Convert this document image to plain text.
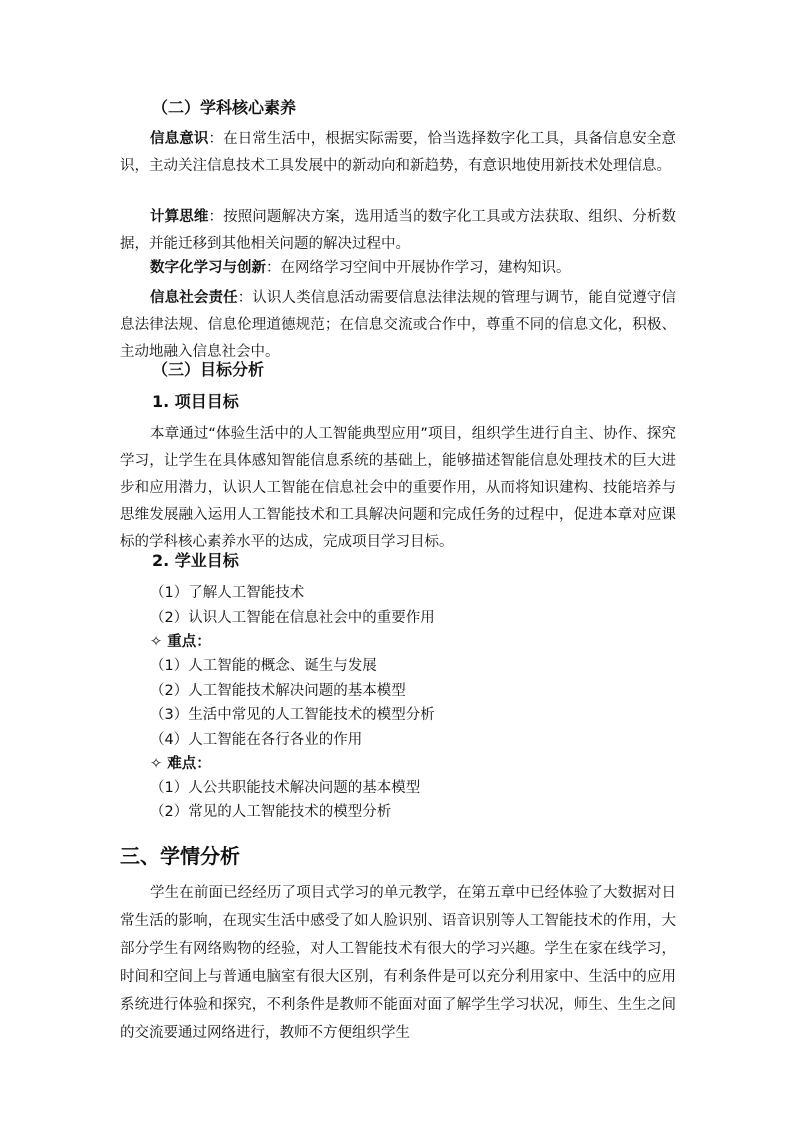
（二）学科核心素养
信息意识：在日常生活中，根据实际需要，恰当选择数字化工具，具备信息安全意识，主动关注信息技术工具发展中的新动向和新趋势，有意识地使用新技术处理信息。
计算思维：按照问题解决方案，选用适当的数字化工具或方法获取、组织、分析数据，并能迁移到其他相关问题的解决过程中。
数字化学习与创新：在网络学习空间中开展协作学习，建构知识。
信息社会责任：认识人类信息活动需要信息法律法规的管理与调节，能自觉遵守信息法律法规、信息伦理道德规范；在信息交流或合作中，尊重不同的信息文化，积极、主动地融入信息社会中。
（三）目标分析
1. 项目目标
本章通过“体验生活中的人工智能典型应用”项目，组织学生进行自主、协作、探究学习，让学生在具体感知智能信息系统的基础上，能够描述智能信息处理技术的巨大进步和应用潜力，认识人工智能在信息社会中的重要作用，从而将知识建构、技能培养与思维发展融入运用人工智能技术和工具解决问题和完成任务的过程中，促进本章对应课标的学科核心素养水平的达成，完成项目学习目标。
2. 学业目标
（1）了解人工智能技术
（2）认识人工智能在信息社会中的重要作用
✧ 重点：
（1）人工智能的概念、诞生与发展
（2）人工智能技术解决问题的基本模型
（3）生活中常见的人工智能技术的模型分析
（4）人工智能在各行各业的作用
✧ 难点：
（1）人公共职能技术解决问题的基本模型
（2）常见的人工智能技术的模型分析
三、学情分析
学生在前面已经经历了项目式学习的单元教学，在第五章中已经体验了大数据对日常生活的影响，在现实生活中感受了如人脸识别、语音识别等人工智能技术的作用，大部分学生有网络购物的经验，对人工智能技术有很大的学习兴趣。学生在家在线学习，时间和空间上与普通电脑室有很大区别，有利条件是可以充分利用家中、生活中的应用系统进行体验和探究，不利条件是教师不能面对面了解学生学习状况，师生、生生之间的交流要通过网络进行，教师不方便组织学生
